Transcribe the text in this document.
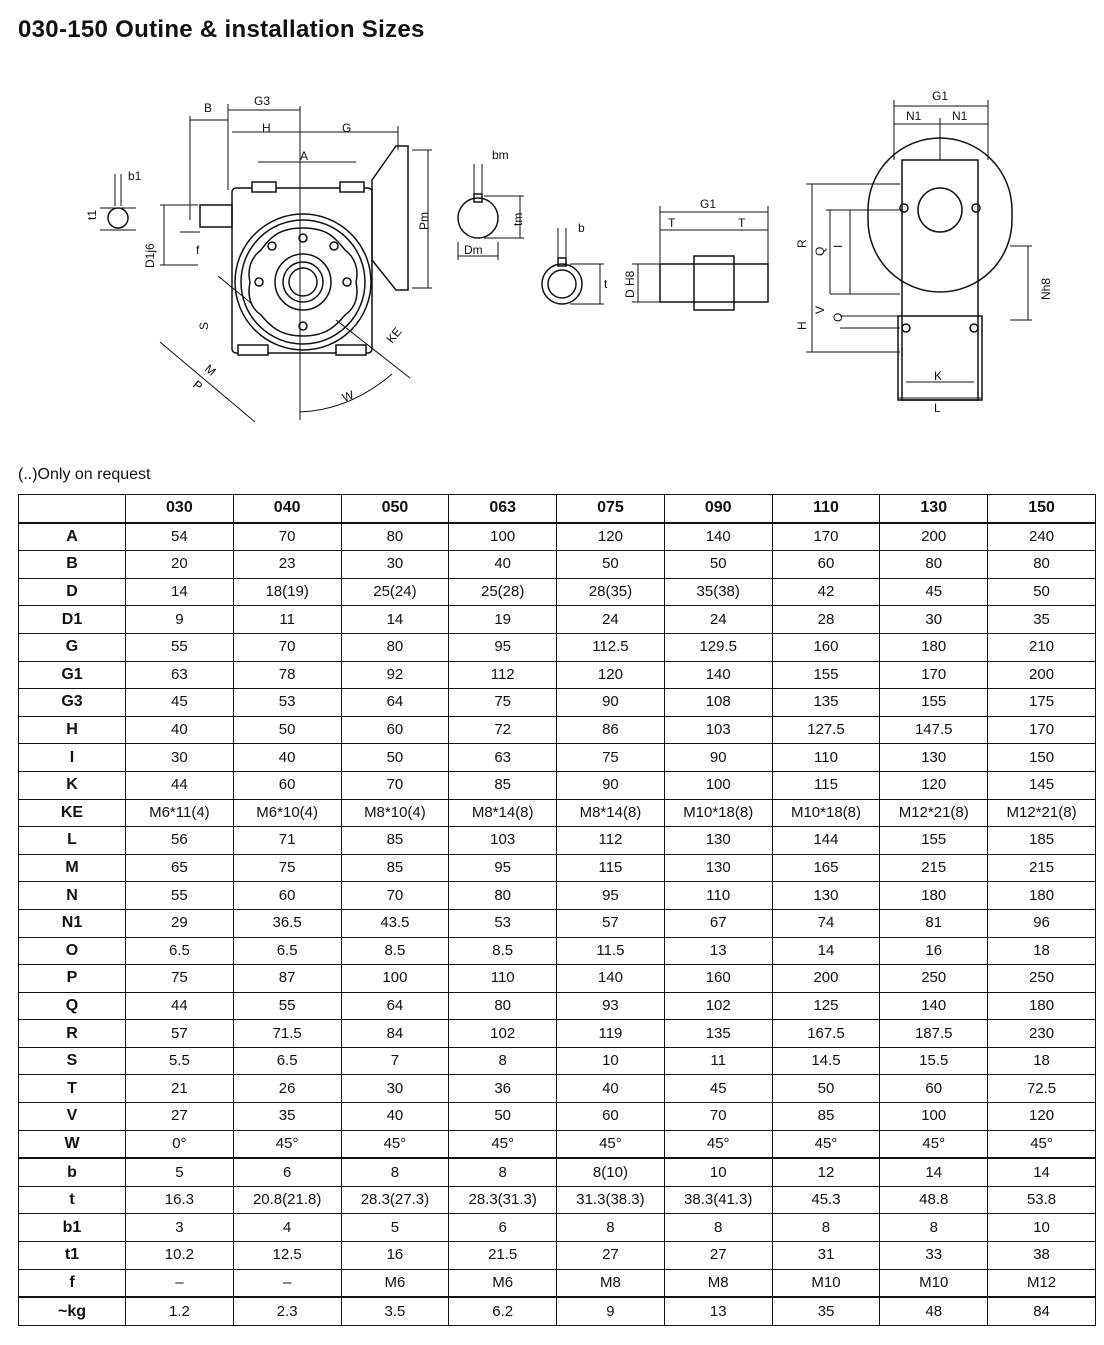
030-150 Outine & installation Sizes
B	G3
H	G
A
b1
t1
D1j6	f
Pm
S
M
P
KE
W
bm
tm
Dm
b
t
G1
T	T
D H8
G1
N1	N1
R
Q
I
Nh8
H
V
O
K
L
(..)Only on request
	030	040	050	063	075	090	110	130	150
A	54	70	80	100	120	140	170	200	240
B	20	23	30	40	50	50	60	80	80
D	14	18(19)	25(24)	25(28)	28(35)	35(38)	42	45	50
D1	9	11	14	19	24	24	28	30	35
G	55	70	80	95	112.5	129.5	160	180	210
G1	63	78	92	112	120	140	155	170	200
G3	45	53	64	75	90	108	135	155	175
H	40	50	60	72	86	103	127.5	147.5	170
I	30	40	50	63	75	90	110	130	150
K	44	60	70	85	90	100	115	120	145
KE	M6*11(4)	M6*10(4)	M8*10(4)	M8*14(8)	M8*14(8)	M10*18(8)	M10*18(8)	M12*21(8)	M12*21(8)
L	56	71	85	103	112	130	144	155	185
M	65	75	85	95	115	130	165	215	215
N	55	60	70	80	95	110	130	180	180
N1	29	36.5	43.5	53	57	67	74	81	96
O	6.5	6.5	8.5	8.5	11.5	13	14	16	18
P	75	87	100	110	140	160	200	250	250
Q	44	55	64	80	93	102	125	140	180
R	57	71.5	84	102	119	135	167.5	187.5	230
S	5.5	6.5	7	8	10	11	14.5	15.5	18
T	21	26	30	36	40	45	50	60	72.5
V	27	35	40	50	60	70	85	100	120
W	0°	45°	45°	45°	45°	45°	45°	45°	45°
b	5	6	8	8	8(10)	10	12	14	14
t	16.3	20.8(21.8)	28.3(27.3)	28.3(31.3)	31.3(38.3)	38.3(41.3)	45.3	48.8	53.8
b1	3	4	5	6	8	8	8	8	10
t1	10.2	12.5	16	21.5	27	27	31	33	38
f	–	–	M6	M6	M8	M8	M10	M10	M12
~kg	1.2	2.3	3.5	6.2	9	13	35	48	84
